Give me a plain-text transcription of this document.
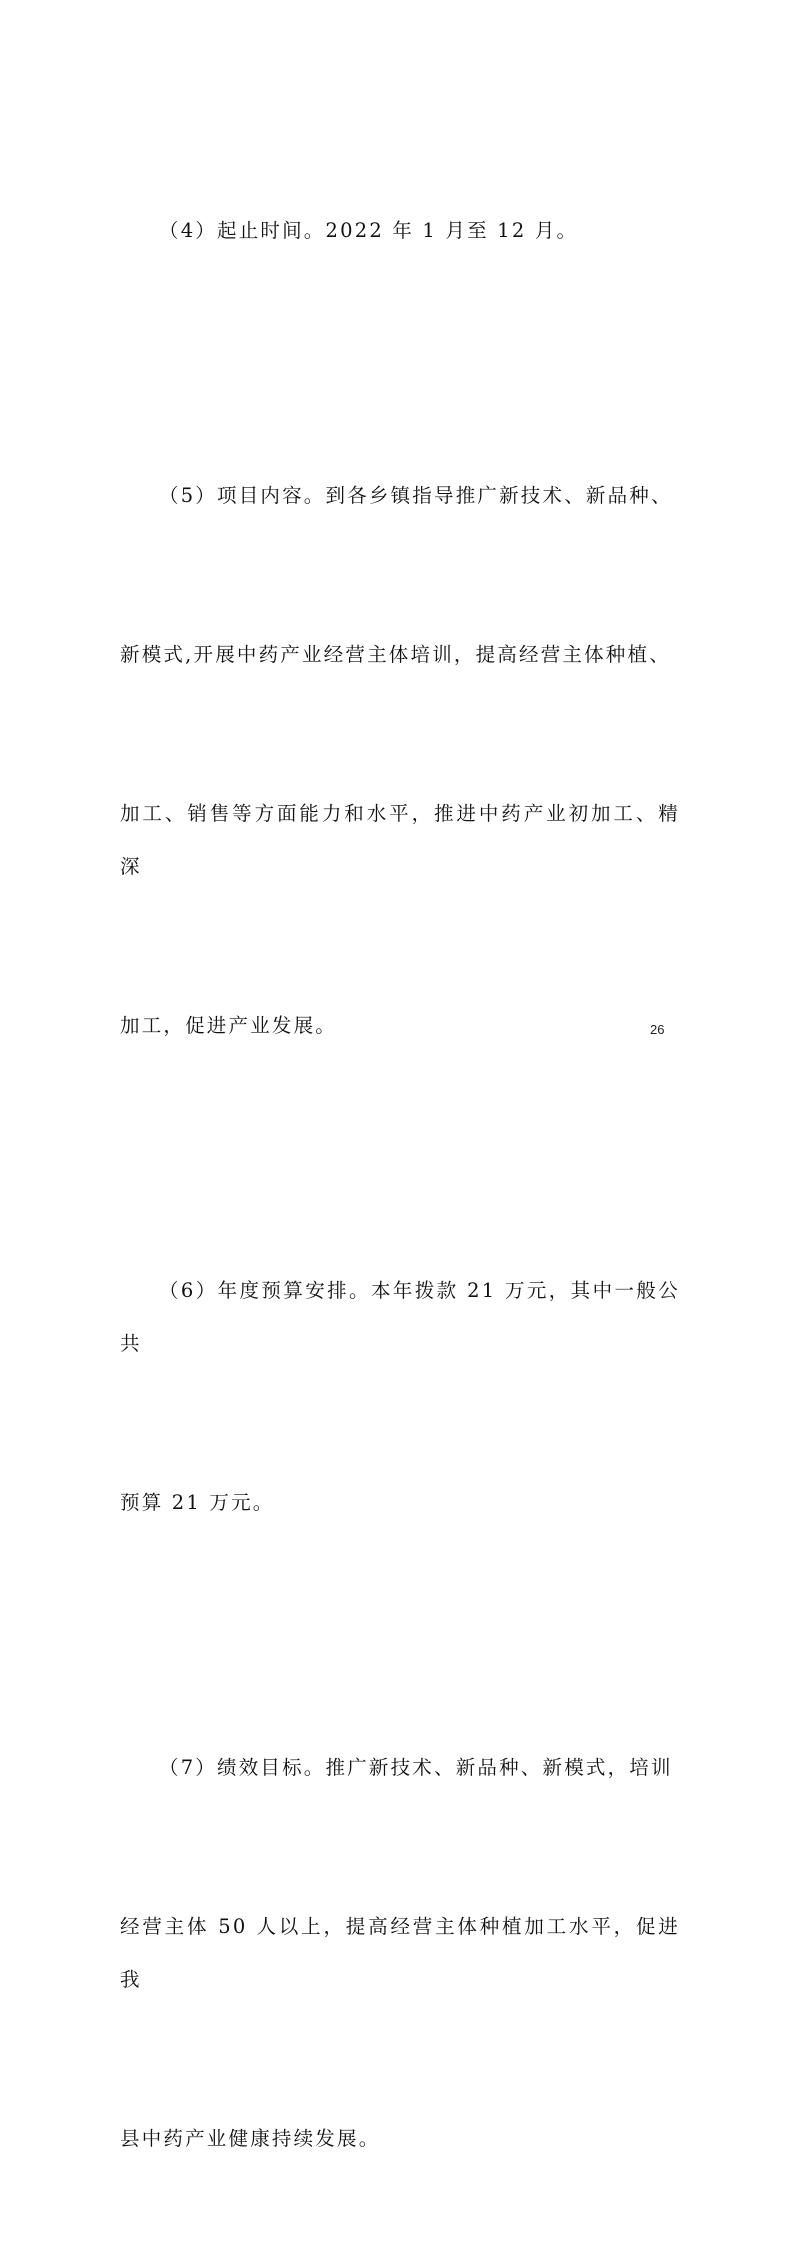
（4）起止时间。2022 年 1 月至 12 月。

（5）项目内容。到各乡镇指导推广新技术、新品种、

新模式,开展中药产业经营主体培训，提高经营主体种植、

加工、销售等方面能力和水平，推进中药产业初加工、精深

加工，促进产业发展。

（6）年度预算安排。本年拨款 21 万元，其中一般公共

预算 21 万元。

（7）绩效目标。推广新技术、新品种、新模式，培训

经营主体 50 人以上，提高经营主体种植加工水平，促进我

县中药产业健康持续发展。

26
